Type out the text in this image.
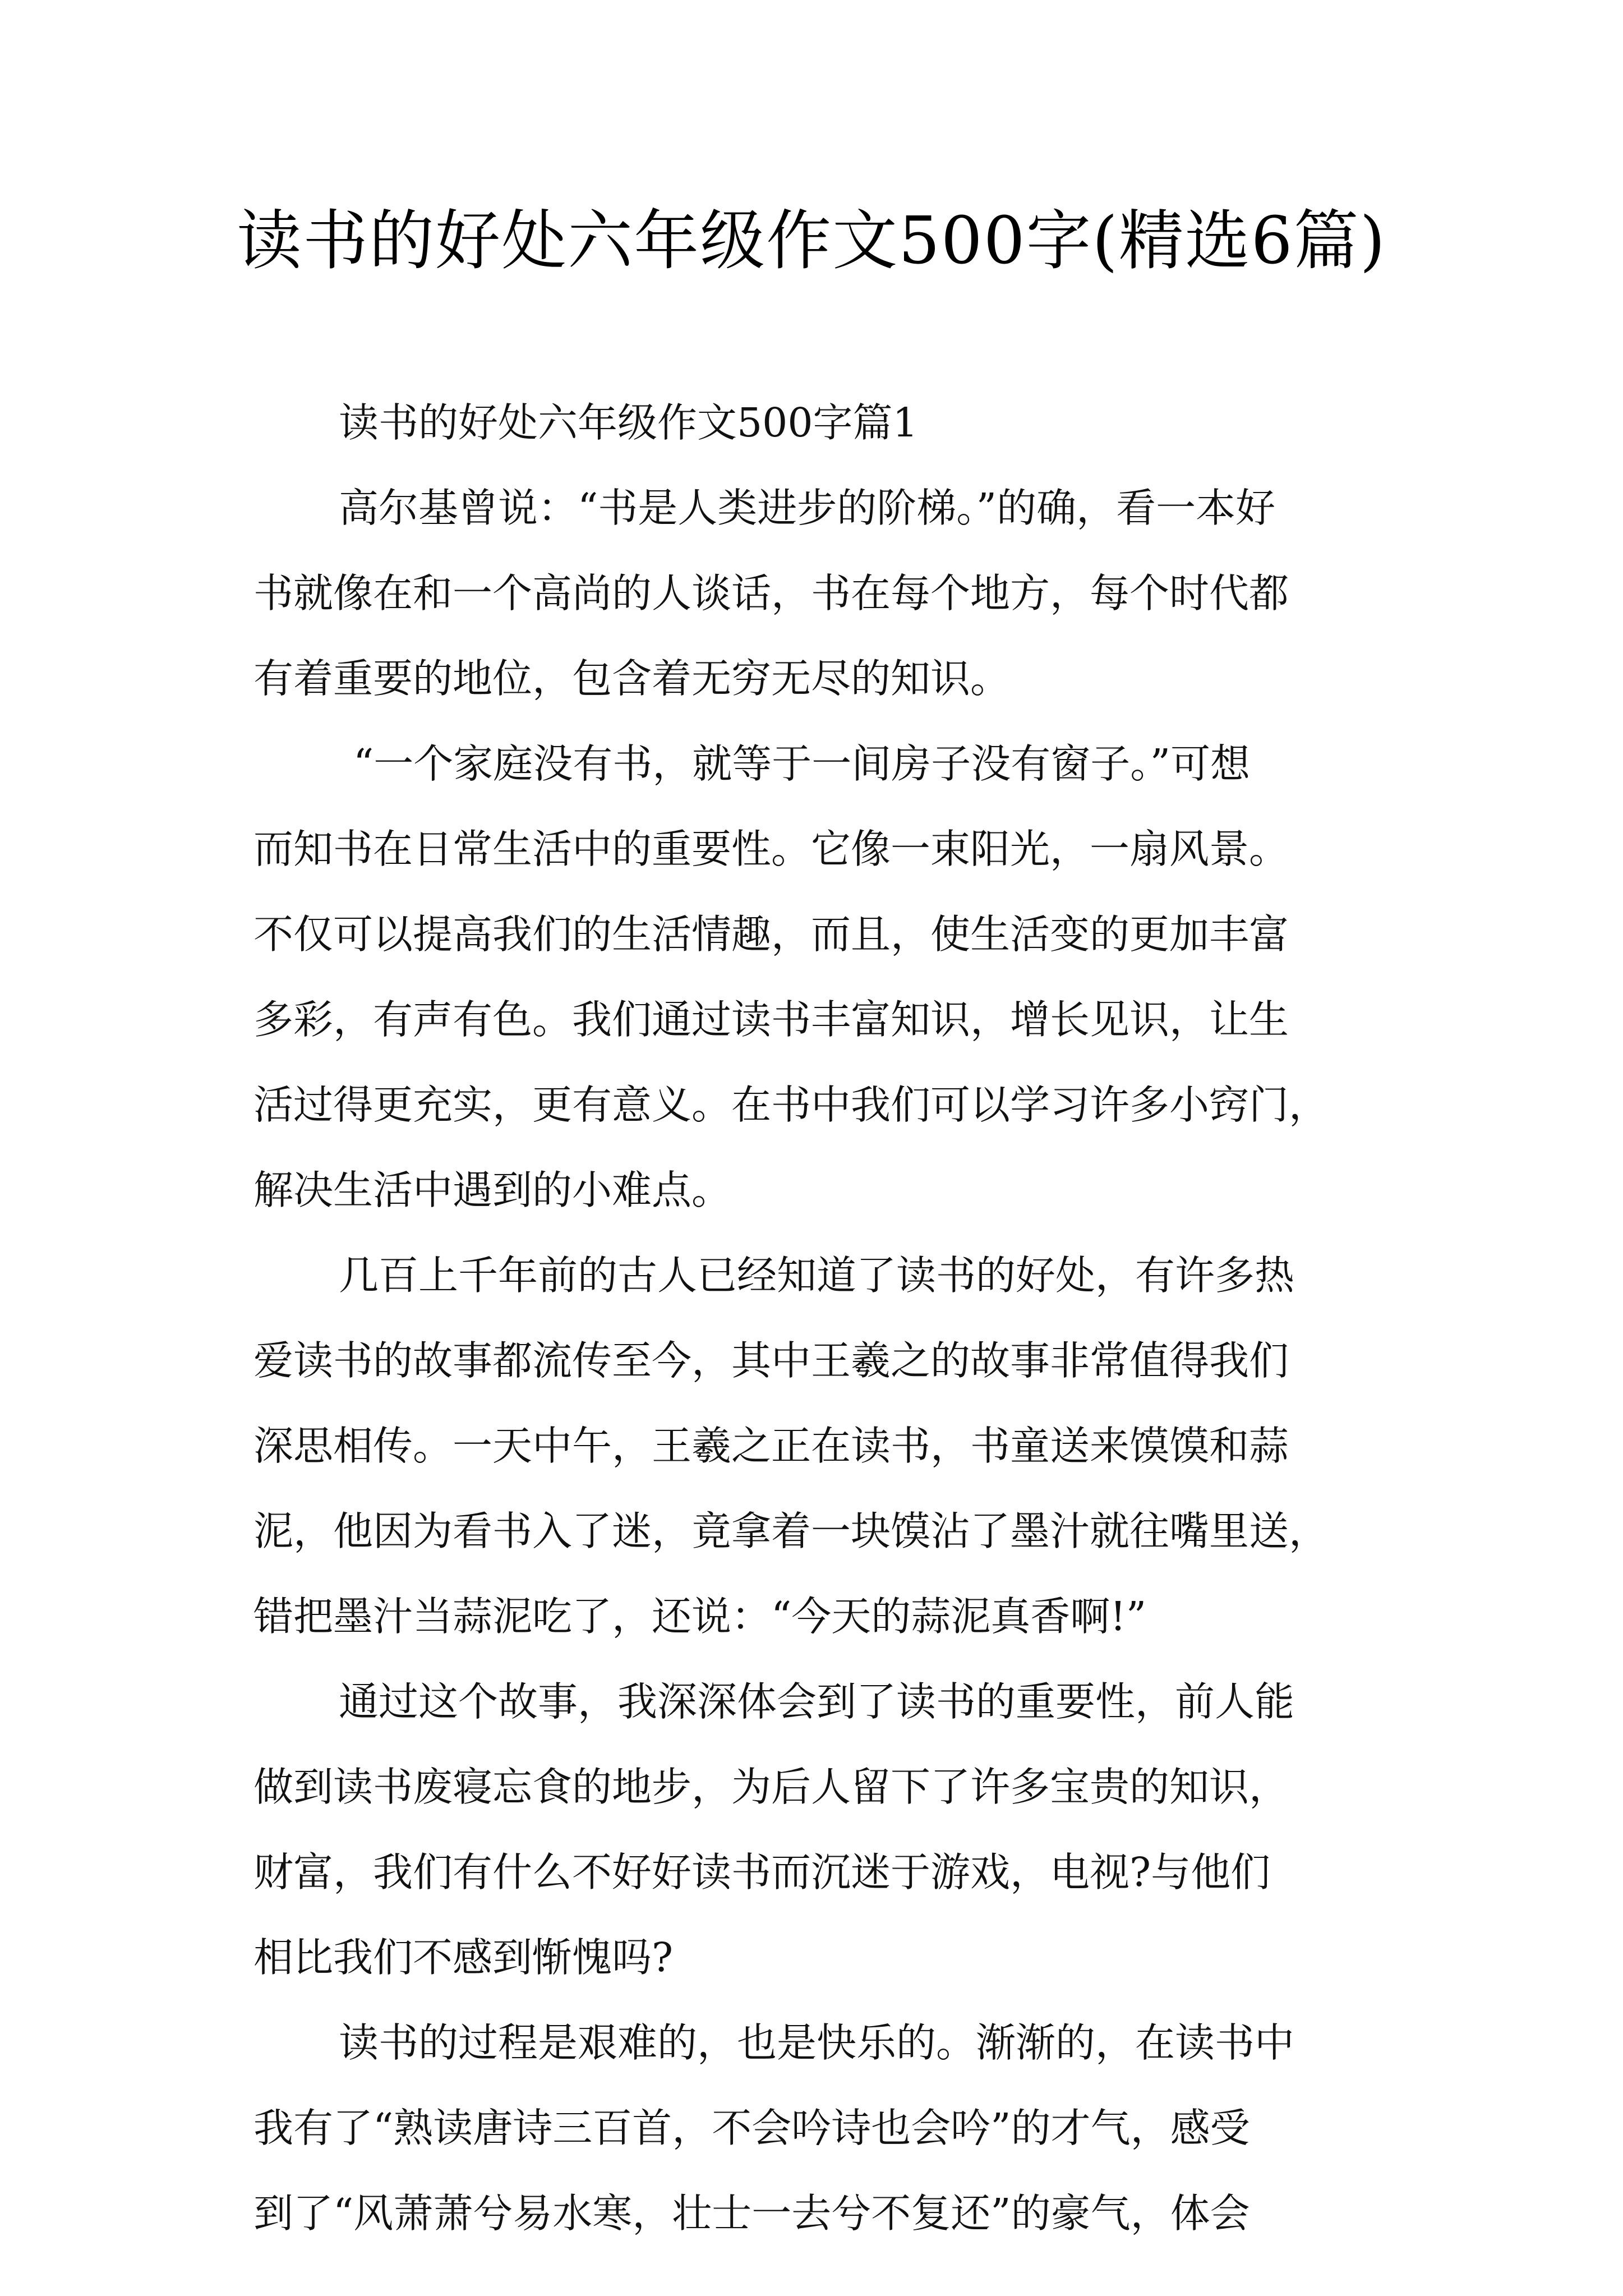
读书的好处六年级作文500字(精选6篇)
读书的好处六年级作文500字篇1
高尔基曾说：“书是人类进步的阶梯。”的确，看一本好
书就像在和一个高尚的人谈话，书在每个地方，每个时代都
有着重要的地位，包含着无穷无尽的知识。
“一个家庭没有书，就等于一间房子没有窗子。”可想
而知书在日常生活中的重要性。它像一束阳光，一扇风景。
不仅可以提高我们的生活情趣，而且，使生活变的更加丰富
多彩，有声有色。我们通过读书丰富知识，增长见识，让生
活过得更充实，更有意义。在书中我们可以学习许多小窍门，
解决生活中遇到的小难点。
几百上千年前的古人已经知道了读书的好处，有许多热
爱读书的故事都流传至今，其中王羲之的故事非常值得我们
深思相传。一天中午，王羲之正在读书，书童送来馍馍和蒜
泥，他因为看书入了迷，竟拿着一块馍沾了墨汁就往嘴里送，
错把墨汁当蒜泥吃了，还说：“今天的蒜泥真香啊!”
通过这个故事，我深深体会到了读书的重要性，前人能
做到读书废寝忘食的地步，为后人留下了许多宝贵的知识，
财富，我们有什么不好好读书而沉迷于游戏，电视?与他们
相比我们不感到惭愧吗?
读书的过程是艰难的，也是快乐的。渐渐的，在读书中
我有了“熟读唐诗三百首，不会吟诗也会吟”的才气，感受
到了“风萧萧兮易水寒，壮士一去兮不复还”的豪气，体会
